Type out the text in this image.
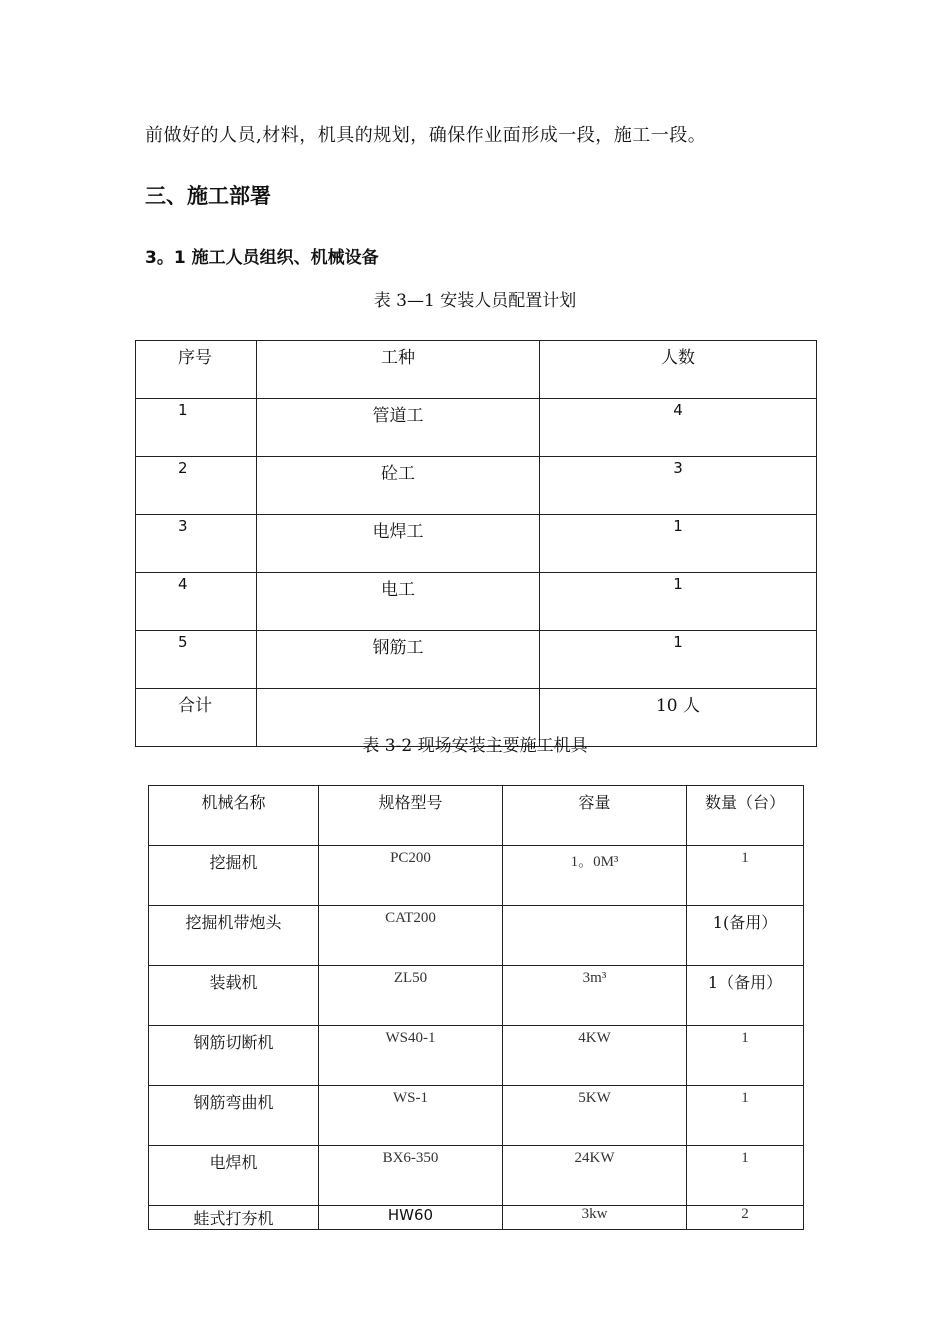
前做好的人员,材料，机具的规划，确保作业面形成一段，施工一段。
三、施工部署
3。1 施工人员组织、机械设备
表 3—1 安装人员配置计划
序号	工种	人数
1	管道工	4
2	砼工	3
3	电焊工	1
4	电工	1
5	钢筋工	1
合计		10 人
表 3-2 现场安装主要施工机具
机械名称	规格型号	容量	数量（台）
挖掘机	PC200	1。0M³	1
挖掘机带炮头	CAT200		1(备用）
装载机	ZL50	3m³	1（备用）
钢筋切断机	WS40-1	4KW	1
钢筋弯曲机	WS-1	5KW	1
电焊机	BX6-350	24KW	1
蛙式打夯机	HW60	3kw	2
